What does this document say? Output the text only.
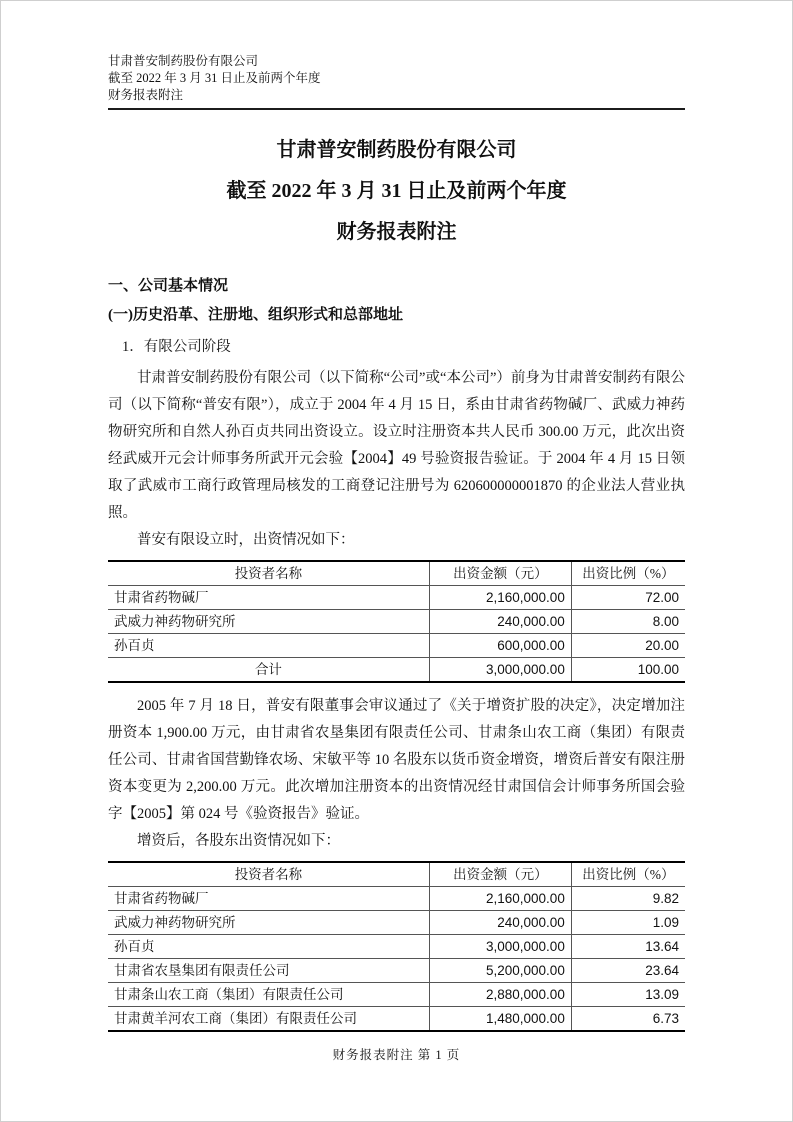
甘肃普安制药股份有限公司
截至 2022 年 3 月 31 日止及前两个年度
财务报表附注
甘肃普安制药股份有限公司
截至 2022 年 3 月 31 日止及前两个年度
财务报表附注
一、公司基本情况
(一)历史沿革、注册地、组织形式和总部地址
1．有限公司阶段

甘肃普安制药股份有限公司（以下简称“公司”或“本公司”）前身为甘肃普安制药有限公司（以下简称“普安有限”），成立于 2004 年 4 月 15 日，系由甘肃省药物碱厂、武威力神药物研究所和自然人孙百贞共同出资设立。设立时注册资本共人民币 300.00 万元，此次出资经武威开元会计师事务所武开元会验【2004】49 号验资报告验证。于 2004 年 4 月 15 日领取了武威市工商行政管理局核发的工商登记注册号为 620600000001870 的企业法人营业执照。

普安有限设立时，出资情况如下：

投资者名称	出资金额（元）	出资比例（%）
甘肃省药物碱厂	2,160,000.00	72.00
武威力神药物研究所	240,000.00	8.00
孙百贞	600,000.00	20.00
合计	3,000,000.00	100.00

2005 年 7 月 18 日，普安有限董事会审议通过了《关于增资扩股的决定》，决定增加注册资本 1,900.00 万元，由甘肃省农垦集团有限责任公司、甘肃条山农工商（集团）有限责任公司、甘肃省国营勤锋农场、宋敏平等 10 名股东以货币资金增资，增资后普安有限注册资本变更为 2,200.00 万元。此次增加注册资本的出资情况经甘肃国信会计师事务所国会验字【2005】第 024 号《验资报告》验证。

增资后，各股东出资情况如下：

投资者名称	出资金额（元）	出资比例（%）
甘肃省药物碱厂	2,160,000.00	9.82
武威力神药物研究所	240,000.00	1.09
孙百贞	3,000,000.00	13.64
甘肃省农垦集团有限责任公司	5,200,000.00	23.64
甘肃条山农工商（集团）有限责任公司	2,880,000.00	13.09
甘肃黄羊河农工商（集团）有限责任公司	1,480,000.00	6.73
财务报表附注 第 1 页
